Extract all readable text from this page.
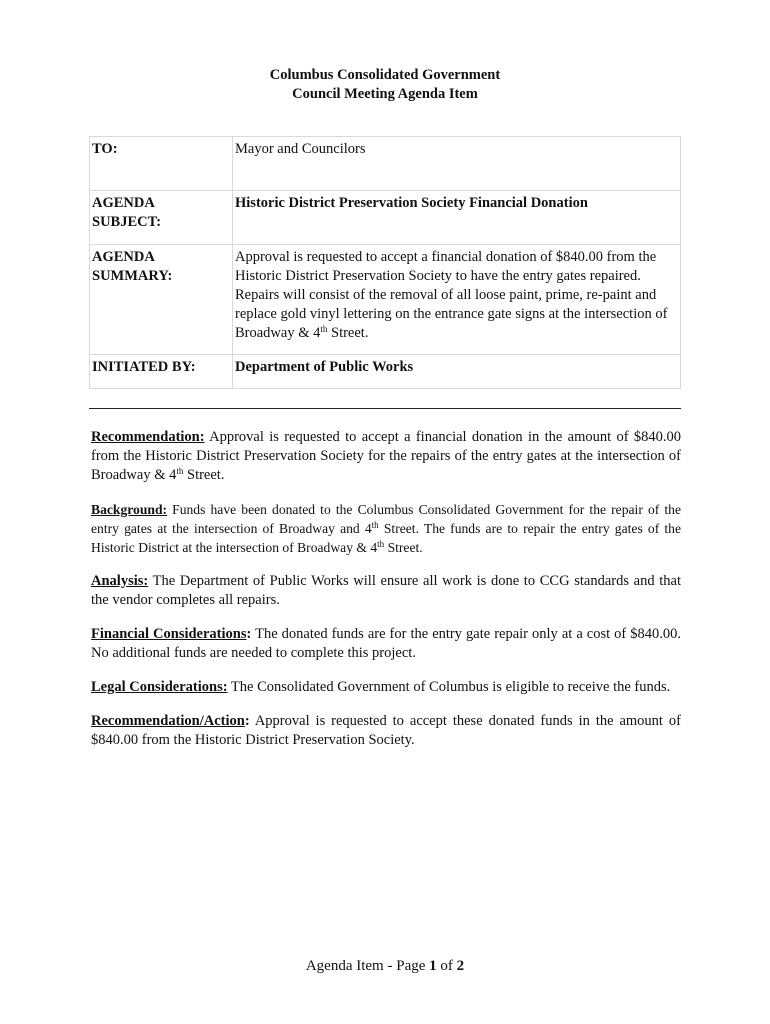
Columbus Consolidated Government
Council Meeting Agenda Item
TO:	Mayor and Councilors

AGENDA
SUBJECT:	Historic District Preservation Society Financial Donation

AGENDA
SUMMARY:	Approval is requested to accept a financial donation of $840.00 from the Historic District Preservation Society to have the entry gates repaired. Repairs will consist of the removal of all loose paint, prime, re-paint and replace gold vinyl lettering on the entrance gate signs at the intersection of Broadway & 4th Street.
INITIATED BY:	Department of Public Works

Recommendation: Approval is requested to accept a financial donation in the amount of $840.00 from the Historic District Preservation Society for the repairs of the entry gates at the intersection of Broadway & 4th Street.

Background: Funds have been donated to the Columbus Consolidated Government for the repair of the entry gates at the intersection of Broadway and 4th Street. The funds are to repair the entry gates of the Historic District at the intersection of Broadway & 4th Street.

Analysis: The Department of Public Works will ensure all work is done to CCG standards and that the vendor completes all repairs.

Financial Considerations: The donated funds are for the entry gate repair only at a cost of $840.00. No additional funds are needed to complete this project.

Legal Considerations: The Consolidated Government of Columbus is eligible to receive the funds.

Recommendation/Action: Approval is requested to accept these donated funds in the amount of $840.00 from the Historic District Preservation Society.

Agenda Item - Page 1 of 2
